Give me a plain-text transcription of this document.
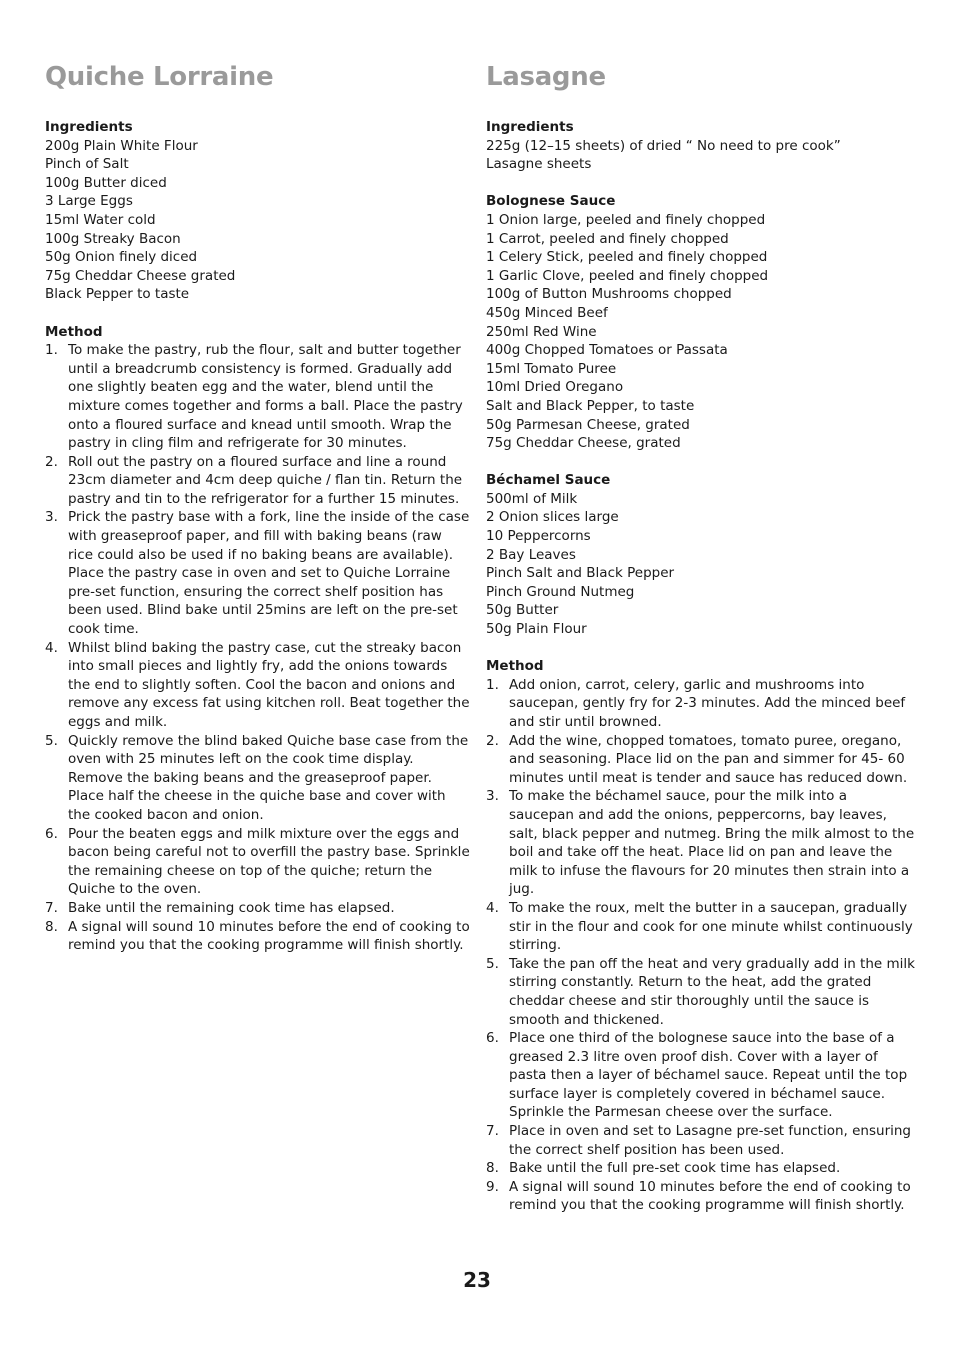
Quiche Lorraine
Ingredients
200g Plain White Flour
Pinch of Salt
100g Butter diced
3 Large Eggs
15ml Water cold
100g Streaky Bacon
50g Onion finely diced
75g Cheddar Cheese grated
Black Pepper to taste
Method
1. To make the pastry, rub the flour, salt and butter together until a breadcrumb consistency is formed. Gradually add one slightly beaten egg and the water, blend until the mixture comes together and forms a ball. Place the pastry onto a floured surface and knead until smooth. Wrap the pastry in cling film and refrigerate for 30 minutes.
2. Roll out the pastry on a floured surface and line a round 23cm diameter and 4cm deep quiche / flan tin. Return the pastry and tin to the refrigerator for a further 15 minutes.
3. Prick the pastry base with a fork, line the inside of the case with greaseproof paper, and fill with baking beans (raw rice could also be used if no baking beans are available). Place the pastry case in oven and set to Quiche Lorraine pre-set function, ensuring the correct shelf position has been used. Blind bake until 25mins are left on the pre-set cook time.
4. Whilst blind baking the pastry case, cut the streaky bacon into small pieces and lightly fry, add the onions towards the end to slightly soften. Cool the bacon and onions and remove any excess fat using kitchen roll. Beat together the eggs and milk.
5. Quickly remove the blind baked Quiche base case from the oven with 25 minutes left on the cook time display. Remove the baking beans and the greaseproof paper. Place half the cheese in the quiche base and cover with the cooked bacon and onion.
6. Pour the beaten eggs and milk mixture over the eggs and bacon being careful not to overfill the pastry base. Sprinkle the remaining cheese on top of the quiche; return the Quiche to the oven.
7. Bake until the remaining cook time has elapsed.
8. A signal will sound 10 minutes before the end of cooking to remind you that the cooking programme will finish shortly.
Lasagne
Ingredients
225g (12–15 sheets) of dried “ No need to pre cook”
Lasagne sheets
Bolognese Sauce
1 Onion large, peeled and finely chopped
1 Carrot, peeled and finely chopped
1 Celery Stick, peeled and finely chopped
1 Garlic Clove, peeled and finely chopped
100g of Button Mushrooms chopped
450g Minced Beef
250ml Red Wine
400g Chopped Tomatoes or Passata
15ml Tomato Puree
10ml Dried Oregano
Salt and Black Pepper, to taste
50g Parmesan Cheese, grated
75g Cheddar Cheese, grated
Béchamel Sauce
500ml of Milk
2 Onion slices large
10 Peppercorns
2 Bay Leaves
Pinch Salt and Black Pepper
Pinch Ground Nutmeg
50g Butter
50g Plain Flour
Method
1. Add onion, carrot, celery, garlic and mushrooms into saucepan, gently fry for 2-3 minutes. Add the minced beef and stir until browned.
2. Add the wine, chopped tomatoes, tomato puree, oregano, and seasoning. Place lid on the pan and simmer for 45- 60 minutes until meat is tender and sauce has reduced down.
3. To make the béchamel sauce, pour the milk into a saucepan and add the onions, peppercorns, bay leaves, salt, black pepper and nutmeg. Bring the milk almost to the boil and take off the heat. Place lid on pan and leave the milk to infuse the flavours for 20 minutes then strain into a jug.
4. To make the roux, melt the butter in a saucepan, gradually stir in the flour and cook for one minute whilst continuously stirring.
5. Take the pan off the heat and very gradually add in the milk stirring constantly. Return to the heat, add the grated cheddar cheese and stir thoroughly until the sauce is smooth and thickened.
6. Place one third of the bolognese sauce into the base of a greased 2.3 litre oven proof dish. Cover with a layer of pasta then a layer of béchamel sauce. Repeat until the top surface layer is completely covered in béchamel sauce. Sprinkle the Parmesan cheese over the surface.
7. Place in oven and set to Lasagne pre-set function, ensuring the correct shelf position has been used.
8. Bake until the full pre-set cook time has elapsed.
9. A signal will sound 10 minutes before the end of cooking to remind you that the cooking programme will finish shortly.
23
